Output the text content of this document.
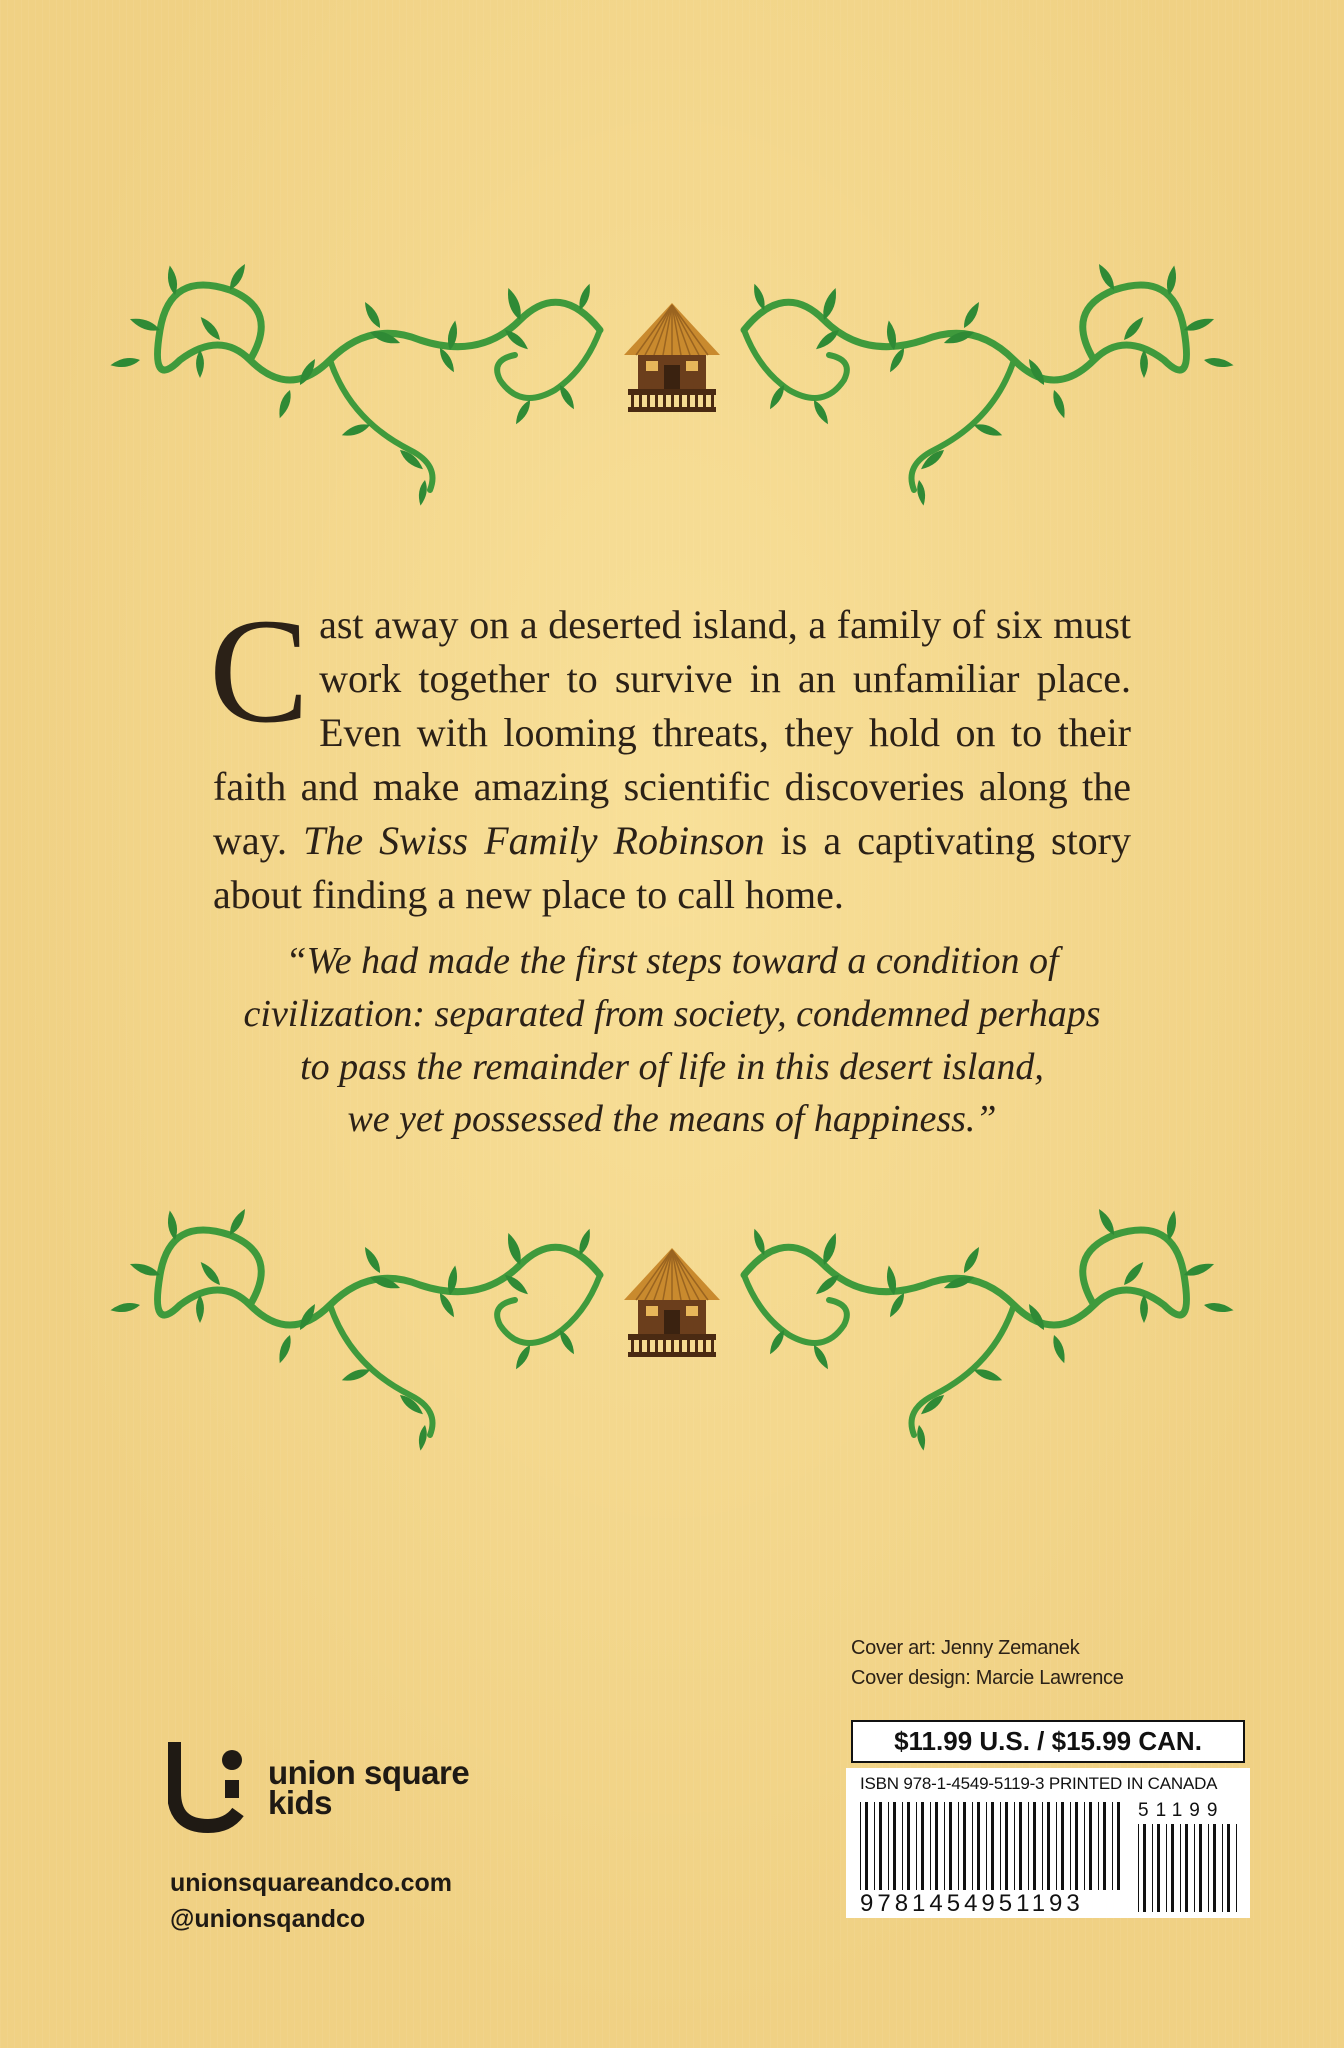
Cast away on a deserted island, a family of six must work together to survive in an unfamiliar place. Even with looming threats, they hold on to their faith and make amazing scientific discoveries along the way. The Swiss Family Robinson is a captivating story about finding a new place to call home.
“We had made the first steps toward a condition of
civilization: separated from society, condemned perhaps
to pass the remainder of life in this desert island,
we yet possessed the means of happiness.”
Cover art: Jenny Zemanek
Cover design: Marcie Lawrence
union square
kids
unionsquareandco.com
@unionsqandco
$11.99 U.S. / $15.99 CAN.
ISBN 978-1-4549-5119-3 PRINTED IN CANADA
51199
9781454951193
